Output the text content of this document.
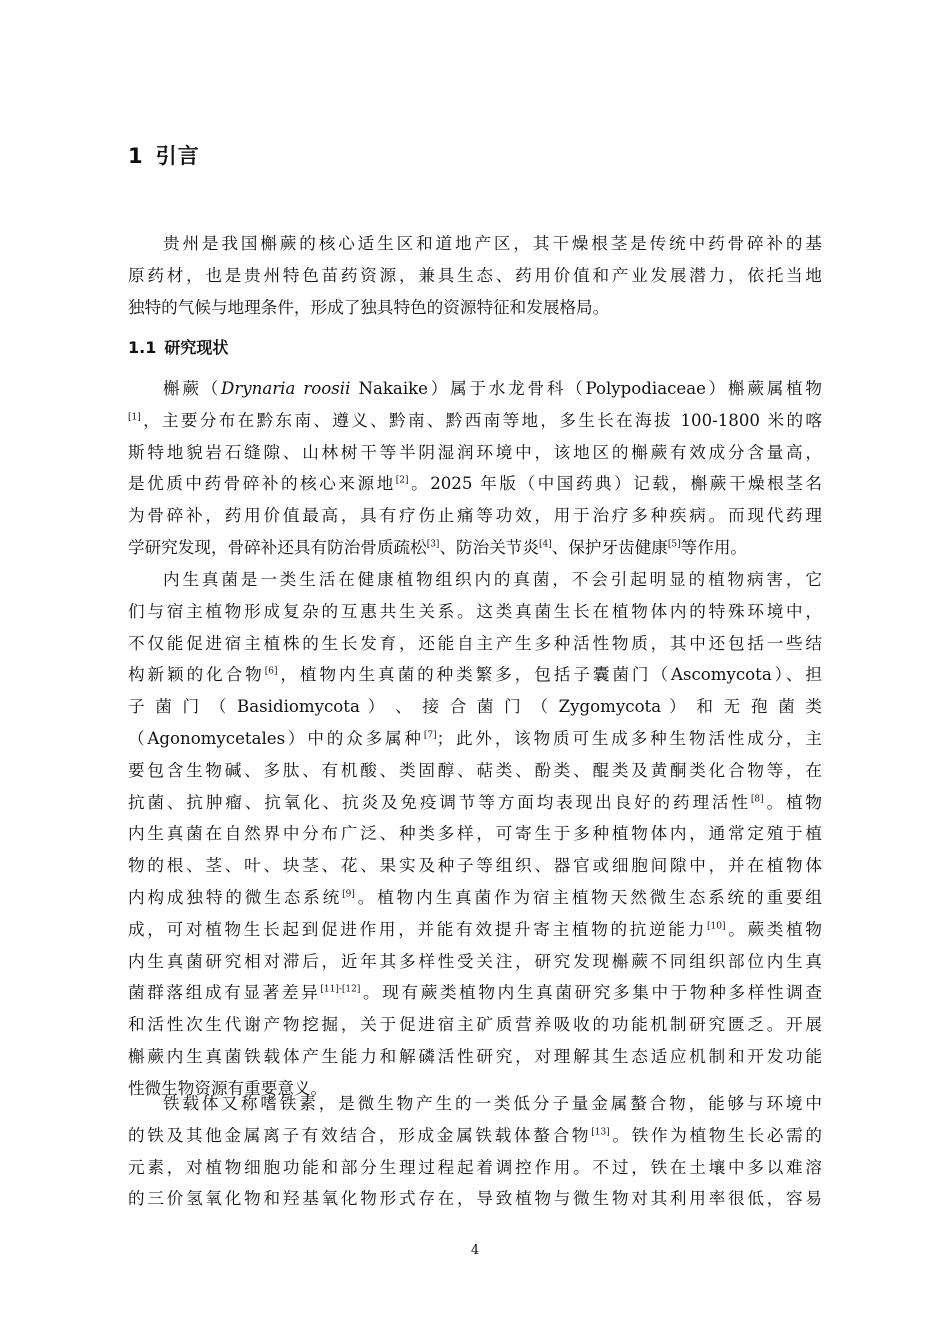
1 引言
贵州是我国槲蕨的核心适生区和道地产区，其干燥根茎是传统中药骨碎补的基
原药材，也是贵州特色苗药资源，兼具生态、药用价值和产业发展潜力，依托当地
独特的气候与地理条件，形成了独具特色的资源特征和发展格局。
1.1 研究现状
槲蕨（Drynaria roosii Nakaike）属于水龙骨科（Polypodiaceae）槲蕨属植物
[1]，主要分布在黔东南、遵义、黔南、黔西南等地，多生长在海拔 100-1800 米的喀
斯特地貌岩石缝隙、山林树干等半阴湿润环境中，该地区的槲蕨有效成分含量高，
是优质中药骨碎补的核心来源地[2]。2025 年版（中国药典）记载，槲蕨干燥根茎名
为骨碎补，药用价值最高，具有疗伤止痛等功效，用于治疗多种疾病。而现代药理
学研究发现，骨碎补还具有防治骨质疏松[3]、防治关节炎[4]、保护牙齿健康[5]等作用。
内生真菌是一类生活在健康植物组织内的真菌，不会引起明显的植物病害，它
们与宿主植物形成复杂的互惠共生关系。这类真菌生长在植物体内的特殊环境中，
不仅能促进宿主植株的生长发育，还能自主产生多种活性物质，其中还包括一些结
构新颖的化合物[6]，植物内生真菌的种类繁多，包括子囊菌门（Ascomycota）、担
子 菌 门 （ Basidiomycota ） 、 接 合 菌 门 （ Zygomycota ） 和 无 孢 菌 类
（Agonomycetales）中的众多属种[7]；此外，该物质可生成多种生物活性成分，主
要包含生物碱、多肽、有机酸、类固醇、萜类、酚类、醌类及黄酮类化合物等，在
抗菌、抗肿瘤、抗氧化、抗炎及免疫调节等方面均表现出良好的药理活性[8]。植物
内生真菌在自然界中分布广泛、种类多样，可寄生于多种植物体内，通常定殖于植
物的根、茎、叶、块茎、花、果实及种子等组织、器官或细胞间隙中，并在植物体
内构成独特的微生态系统[9]。植物内生真菌作为宿主植物天然微生态系统的重要组
成，可对植物生长起到促进作用，并能有效提升寄主植物的抗逆能力[10]。蕨类植物
内生真菌研究相对滞后，近年其多样性受关注，研究发现槲蕨不同组织部位内生真
菌群落组成有显著差异[11]-[12]。现有蕨类植物内生真菌研究多集中于物种多样性调查
和活性次生代谢产物挖掘，关于促进宿主矿质营养吸收的功能机制研究匮乏。开展
槲蕨内生真菌铁载体产生能力和解磷活性研究，对理解其生态适应机制和开发功能
性微生物资源有重要意义。
铁载体又称嗜铁素，是微生物产生的一类低分子量金属螯合物，能够与环境中
的铁及其他金属离子有效结合，形成金属铁载体螯合物[13]。铁作为植物生长必需的
元素，对植物细胞功能和部分生理过程起着调控作用。不过，铁在土壤中多以难溶
的三价氢氧化物和羟基氧化物形式存在，导致植物与微生物对其利用率很低，容易
4
